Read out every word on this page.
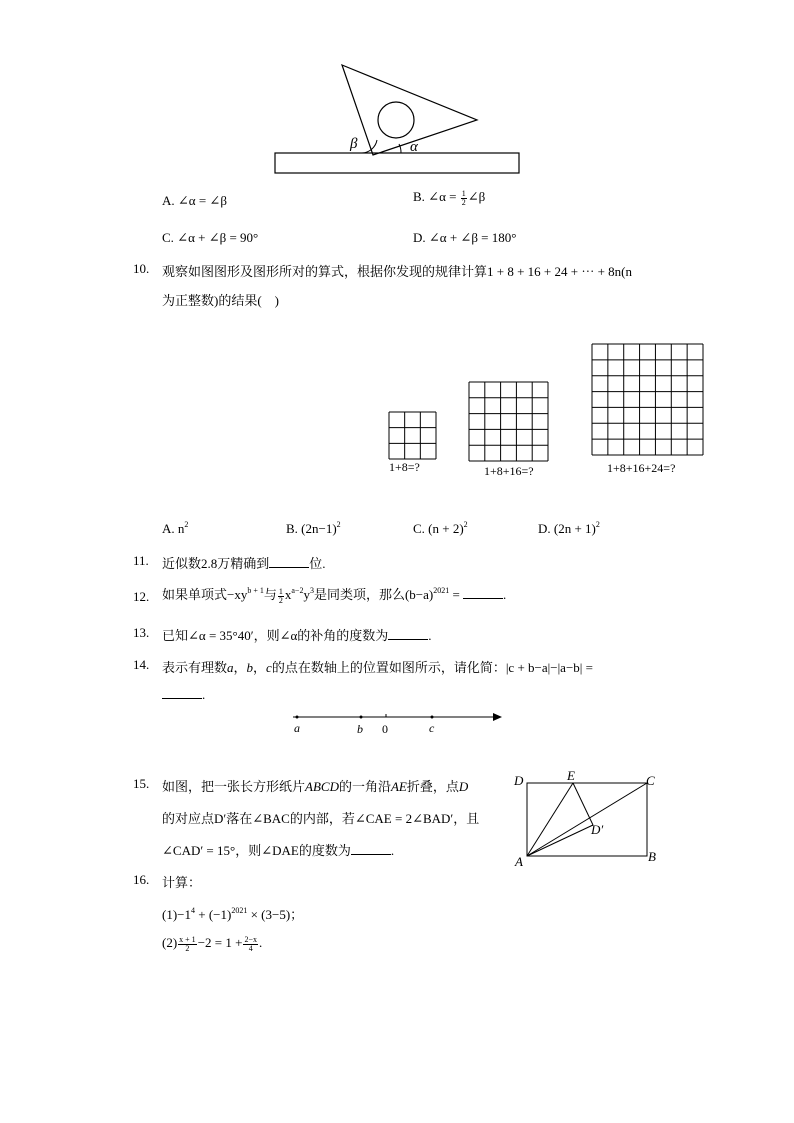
β	α
A. ∠α = ∠β	B. ∠α = $\frac{1}{2}$ ∠β
C. ∠α + ∠β = 90°	D. ∠α + ∠β = 180°
10. 观察如图图形及图形所对的算式，根据你发现的规律计算1 + 8 + 16 + 24 + ⋯ + 8n(n
为正整数)的结果(　)
1+8=?	1+8+16=?	1+8+16+24=?
A. $n^2$	B. $(2n-1)^2$	C. $(n + 2)^2$	D. $(2n + 1)^2$
11. 近似数2.8万精确到	位.
12. 如果单项式$-xy^{b + 1}$与 $\frac{1}{2} x^{a-2}y^3$是同类项，那么$(b-a)^{2021}$ =	.
13. 已知∠α = 35°40′，则∠α的补角的度数为	.
14. 表示有理数a，b，c的点在数轴上的位置如图所示，请化简：|c + b−a|−|a−b| =
.
a	b 0	c
15. 如图，把一张长方形纸片ABCD的一角沿AE折叠，点D
的对应点D′落在∠BAC的内部，若∠CAE = 2∠BAD′，且
∠CAD′ = 15°，则∠DAE的度数为	.
D	E	C
D′
A	B
16. 计算：
$(1)-1^4 + (-1)^{2021} \times (3-5)$；
$(2) \frac{x + 1}{2} -2 = 1 + \frac{2-x}{4}$ .
